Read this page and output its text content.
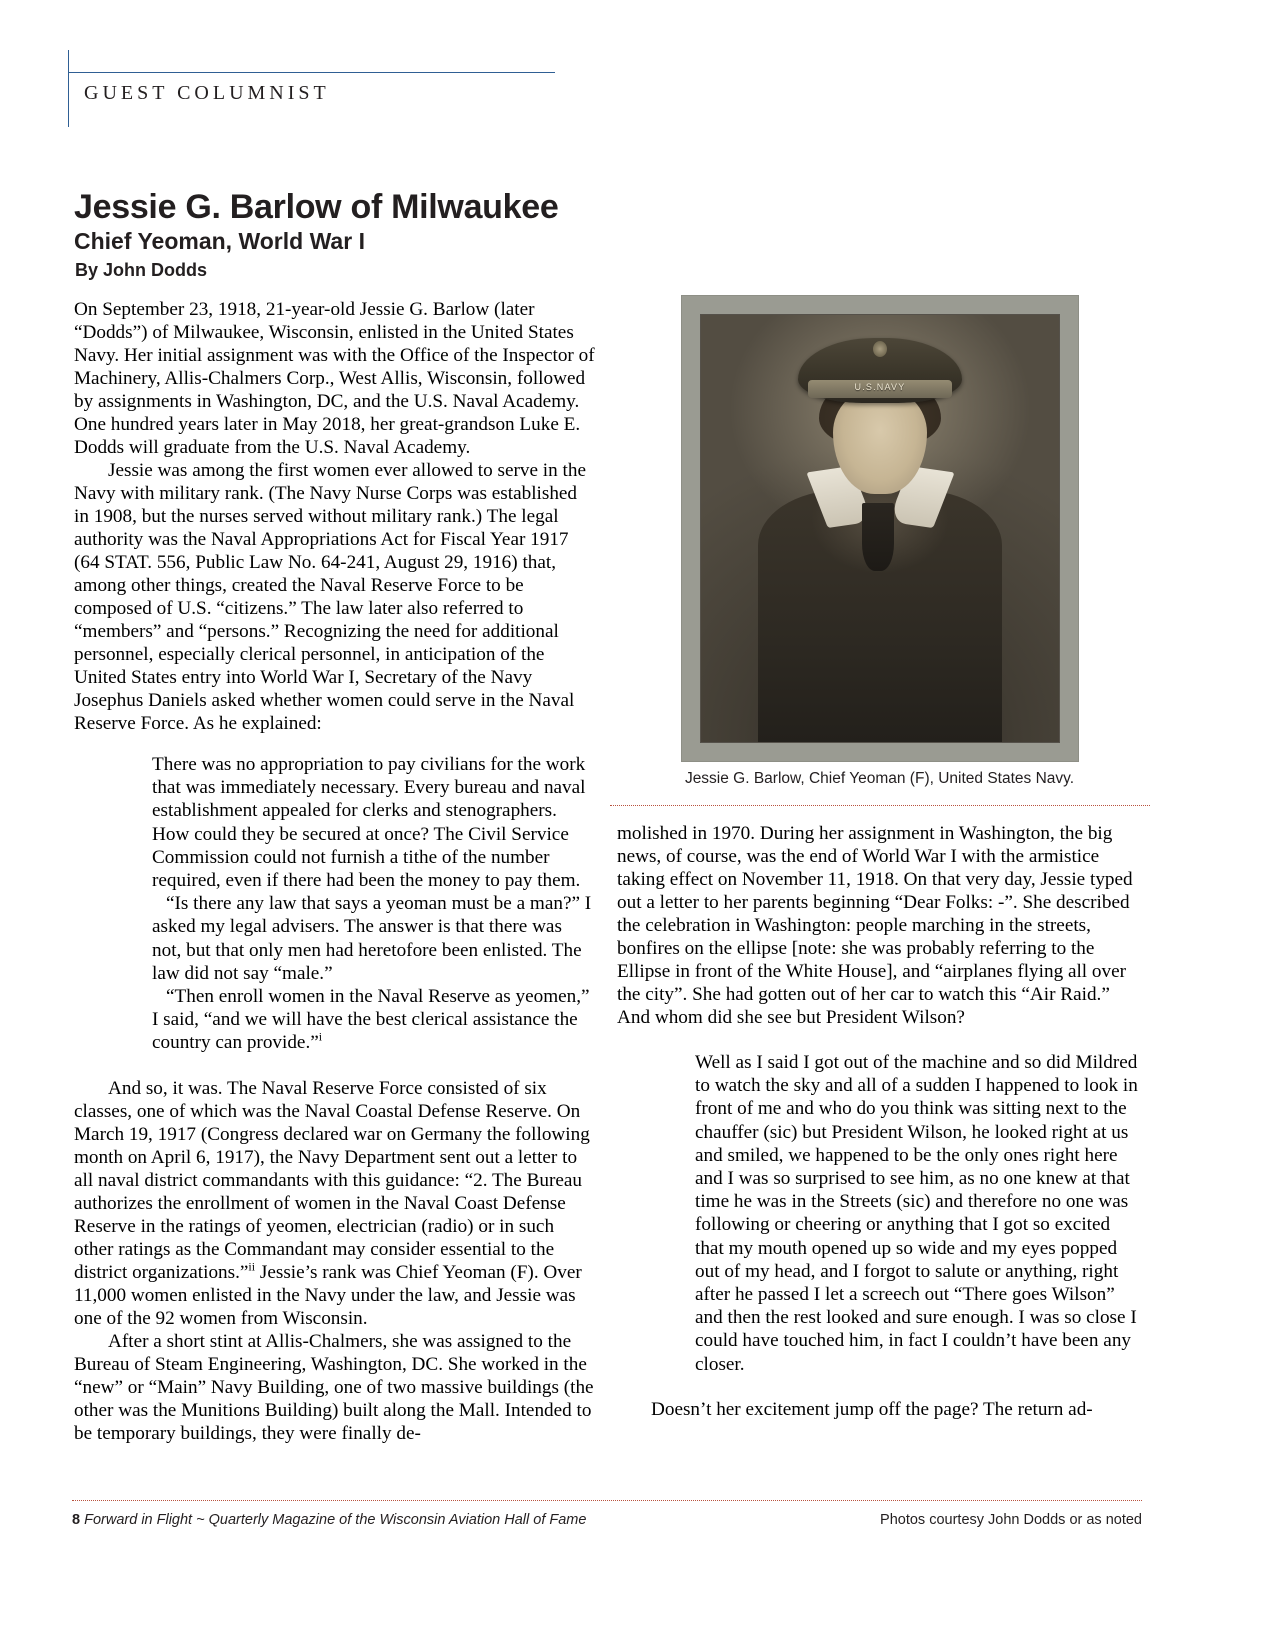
GUEST COLUMNIST
Jessie G. Barlow of Milwaukee
Chief Yeoman, World War I
By John Dodds

On September 23, 1918, 21-year-old Jessie G. Barlow (later “Dodds”) of Milwaukee, Wisconsin, enlisted in the United States Navy. Her initial assignment was with the Office of the Inspector of Machinery, Allis-Chalmers Corp., West Allis, Wisconsin, followed by assignments in Washington, DC, and the U.S. Naval Academy. One hundred years later in May 2018, her great-grandson Luke E. Dodds will graduate from the U.S. Naval Academy.

Jessie was among the first women ever allowed to serve in the Navy with military rank. (The Navy Nurse Corps was established in 1908, but the nurses served without military rank.) The legal authority was the Naval Appropriations Act for Fiscal Year 1917 (64 STAT. 556, Public Law No. 64-241, August 29, 1916) that, among other things, created the Naval Reserve Force to be composed of U.S. “citizens.” The law later also referred to “members” and “persons.” Recognizing the need for additional personnel, especially clerical personnel, in anticipation of the United States entry into World War I, Secretary of the Navy Josephus Daniels asked whether women could serve in the Naval Reserve Force. As he explained:

There was no appropriation to pay civilians for the work that was immediately necessary. Every bureau and naval establishment appealed for clerks and stenographers. How could they be secured at once? The Civil Service Commission could not furnish a tithe of the number required, even if there had been the money to pay them.

“Is there any law that says a yeoman must be a man?” I asked my legal advisers. The answer is that there was not, but that only men had heretofore been enlisted. The law did not say “male.”

“Then enroll women in the Naval Reserve as yeomen,” I said, “and we will have the best clerical assistance the country can provide.”$^i$

And so, it was. The Naval Reserve Force consisted of six classes, one of which was the Naval Coastal Defense Reserve. On March 19, 1917 (Congress declared war on Germany the following month on April 6, 1917), the Navy Department sent out a letter to all naval district commandants with this guidance: “2. The Bureau authorizes the enrollment of women in the Naval Coast Defense Reserve in the ratings of yeomen, electrician (radio) or in such other ratings as the Commandant may consider essential to the district organizations.”$^{ii}$ Jessie’s rank was Chief Yeoman (F). Over 11,000 women enlisted in the Navy under the law, and Jessie was one of the 92 women from Wisconsin.

After a short stint at Allis-Chalmers, she was assigned to the Bureau of Steam Engineering, Washington, DC. She worked in the “new” or “Main” Navy Building, one of two massive buildings (the other was the Munitions Building) built along the Mall. Intended to be temporary buildings, they were finally de-

U.S.NAVY
Jessie G. Barlow, Chief Yeoman (F), United States Navy.

molished in 1970. During her assignment in Washington, the big news, of course, was the end of World War I with the armistice taking effect on November 11, 1918. On that very day, Jessie typed out a letter to her parents beginning “Dear Folks: -”. She described the celebration in Washington: people marching in the streets, bonfires on the ellipse [note: she was probably referring to the Ellipse in front of the White House], and “airplanes flying all over the city”. She had gotten out of her car to watch this “Air Raid.” And whom did she see but President Wilson?

Well as I said I got out of the machine and so did Mildred to watch the sky and all of a sudden I happened to look in front of me and who do you think was sitting next to the chauffer (sic) but President Wilson, he looked right at us and smiled, we happened to be the only ones right here and I was so surprised to see him, as no one knew at that time he was in the Streets (sic) and therefore no one was following or cheering or anything that I got so excited that my mouth opened up so wide and my eyes popped out of my head, and I forgot to salute or anything, right after he passed I let a screech out “There goes Wilson” and then the rest looked and sure enough. I was so close I could have touched him, in fact I couldn’t have been any closer.

Doesn’t her excitement jump off the page? The return ad-

8 Forward in Flight ~ Quarterly Magazine of the Wisconsin Aviation Hall of Fame	Photos courtesy John Dodds or as noted
